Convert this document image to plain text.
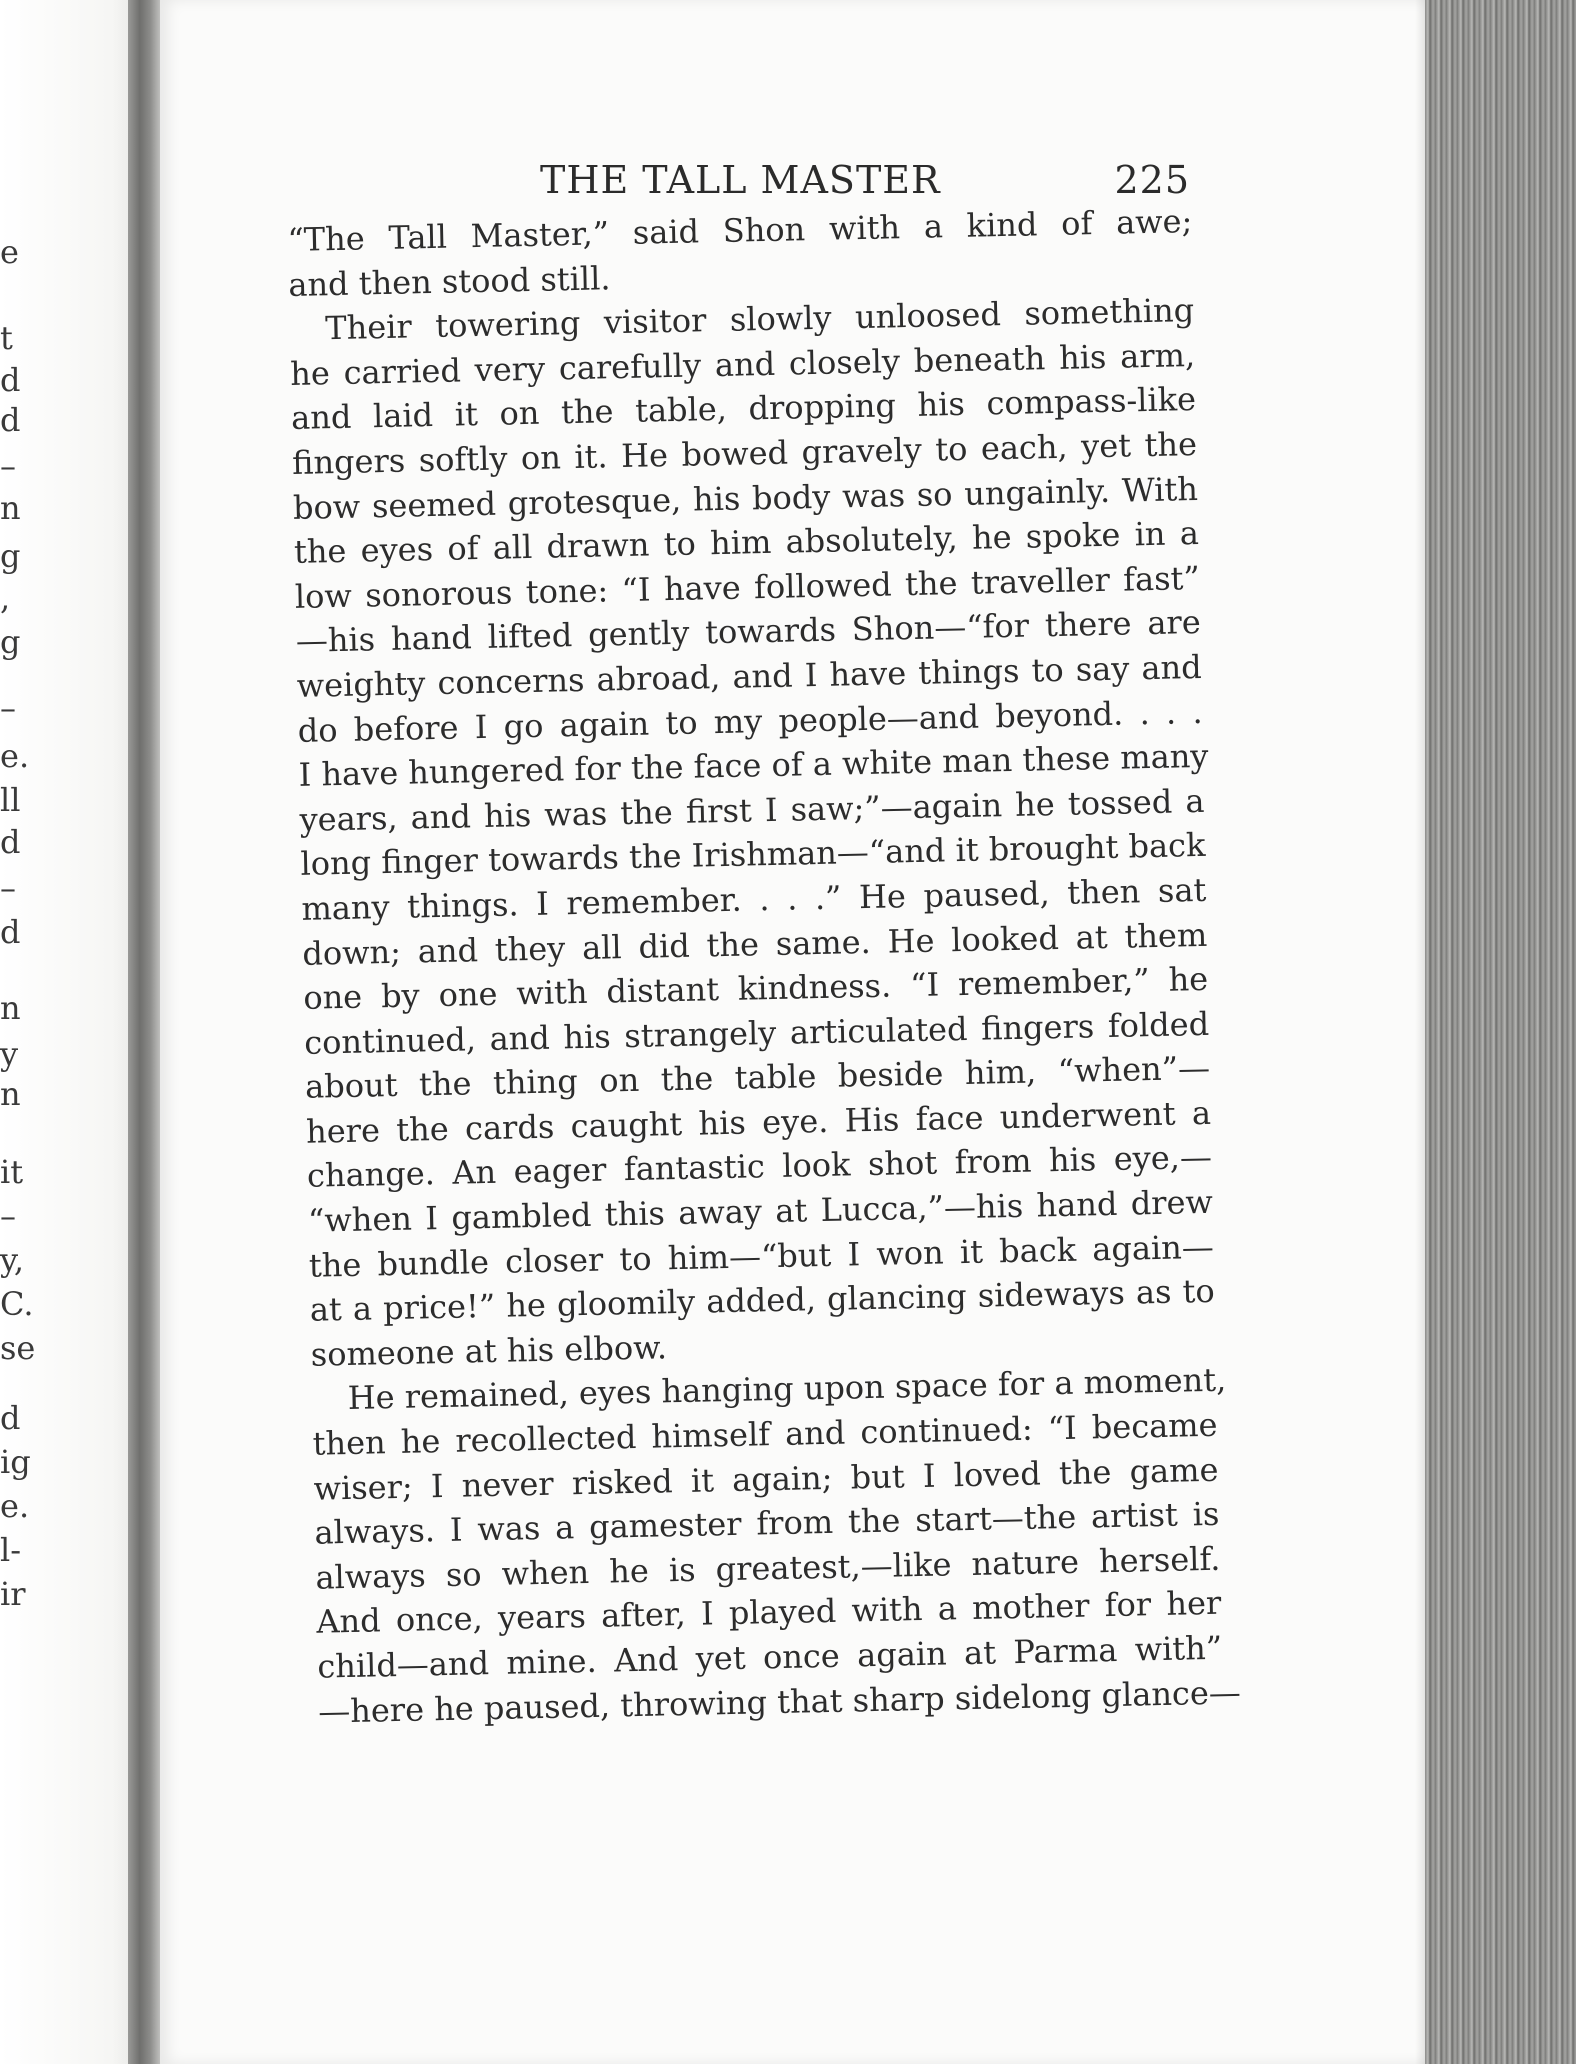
e
t
d
d
–
n
g
,
g
–
e.
ll
d
–
d
n
y
n
it
–
y,
C.
se
d
ig
e.
l-
ir
THE TALL MASTER	225
“The Tall Master,” said Shon with a kind of awe;
and then stood still.
Their towering visitor slowly unloosed something
he carried very carefully and closely beneath his arm,
and laid it on the table, dropping his compass-like
fingers softly on it. He bowed gravely to each, yet the
bow seemed grotesque, his body was so ungainly. With
the eyes of all drawn to him absolutely, he spoke in a
low sonorous tone: “I have followed the traveller fast”
—his hand lifted gently towards Shon—“for there are
weighty concerns abroad, and I have things to say and
do before I go again to my people—and beyond. . . .
I have hungered for the face of a white man these many
years, and his was the first I saw;”—again he tossed a
long finger towards the Irishman—“and it brought back
many things. I remember. . . .” He paused, then sat
down; and they all did the same. He looked at them
one by one with distant kindness. “I remember,” he
continued, and his strangely articulated fingers folded
about the thing on the table beside him, “when”—
here the cards caught his eye. His face underwent a
change. An eager fantastic look shot from his eye,—
“when I gambled this away at Lucca,”—his hand drew
the bundle closer to him—“but I won it back again—
at a price!” he gloomily added, glancing sideways as to
someone at his elbow.
He remained, eyes hanging upon space for a moment,
then he recollected himself and continued: “I became
wiser; I never risked it again; but I loved the game
always. I was a gamester from the start—the artist is
always so when he is greatest,—like nature herself.
And once, years after, I played with a mother for her
child—and mine. And yet once again at Parma with”
—here he paused, throwing that sharp sidelong glance—
